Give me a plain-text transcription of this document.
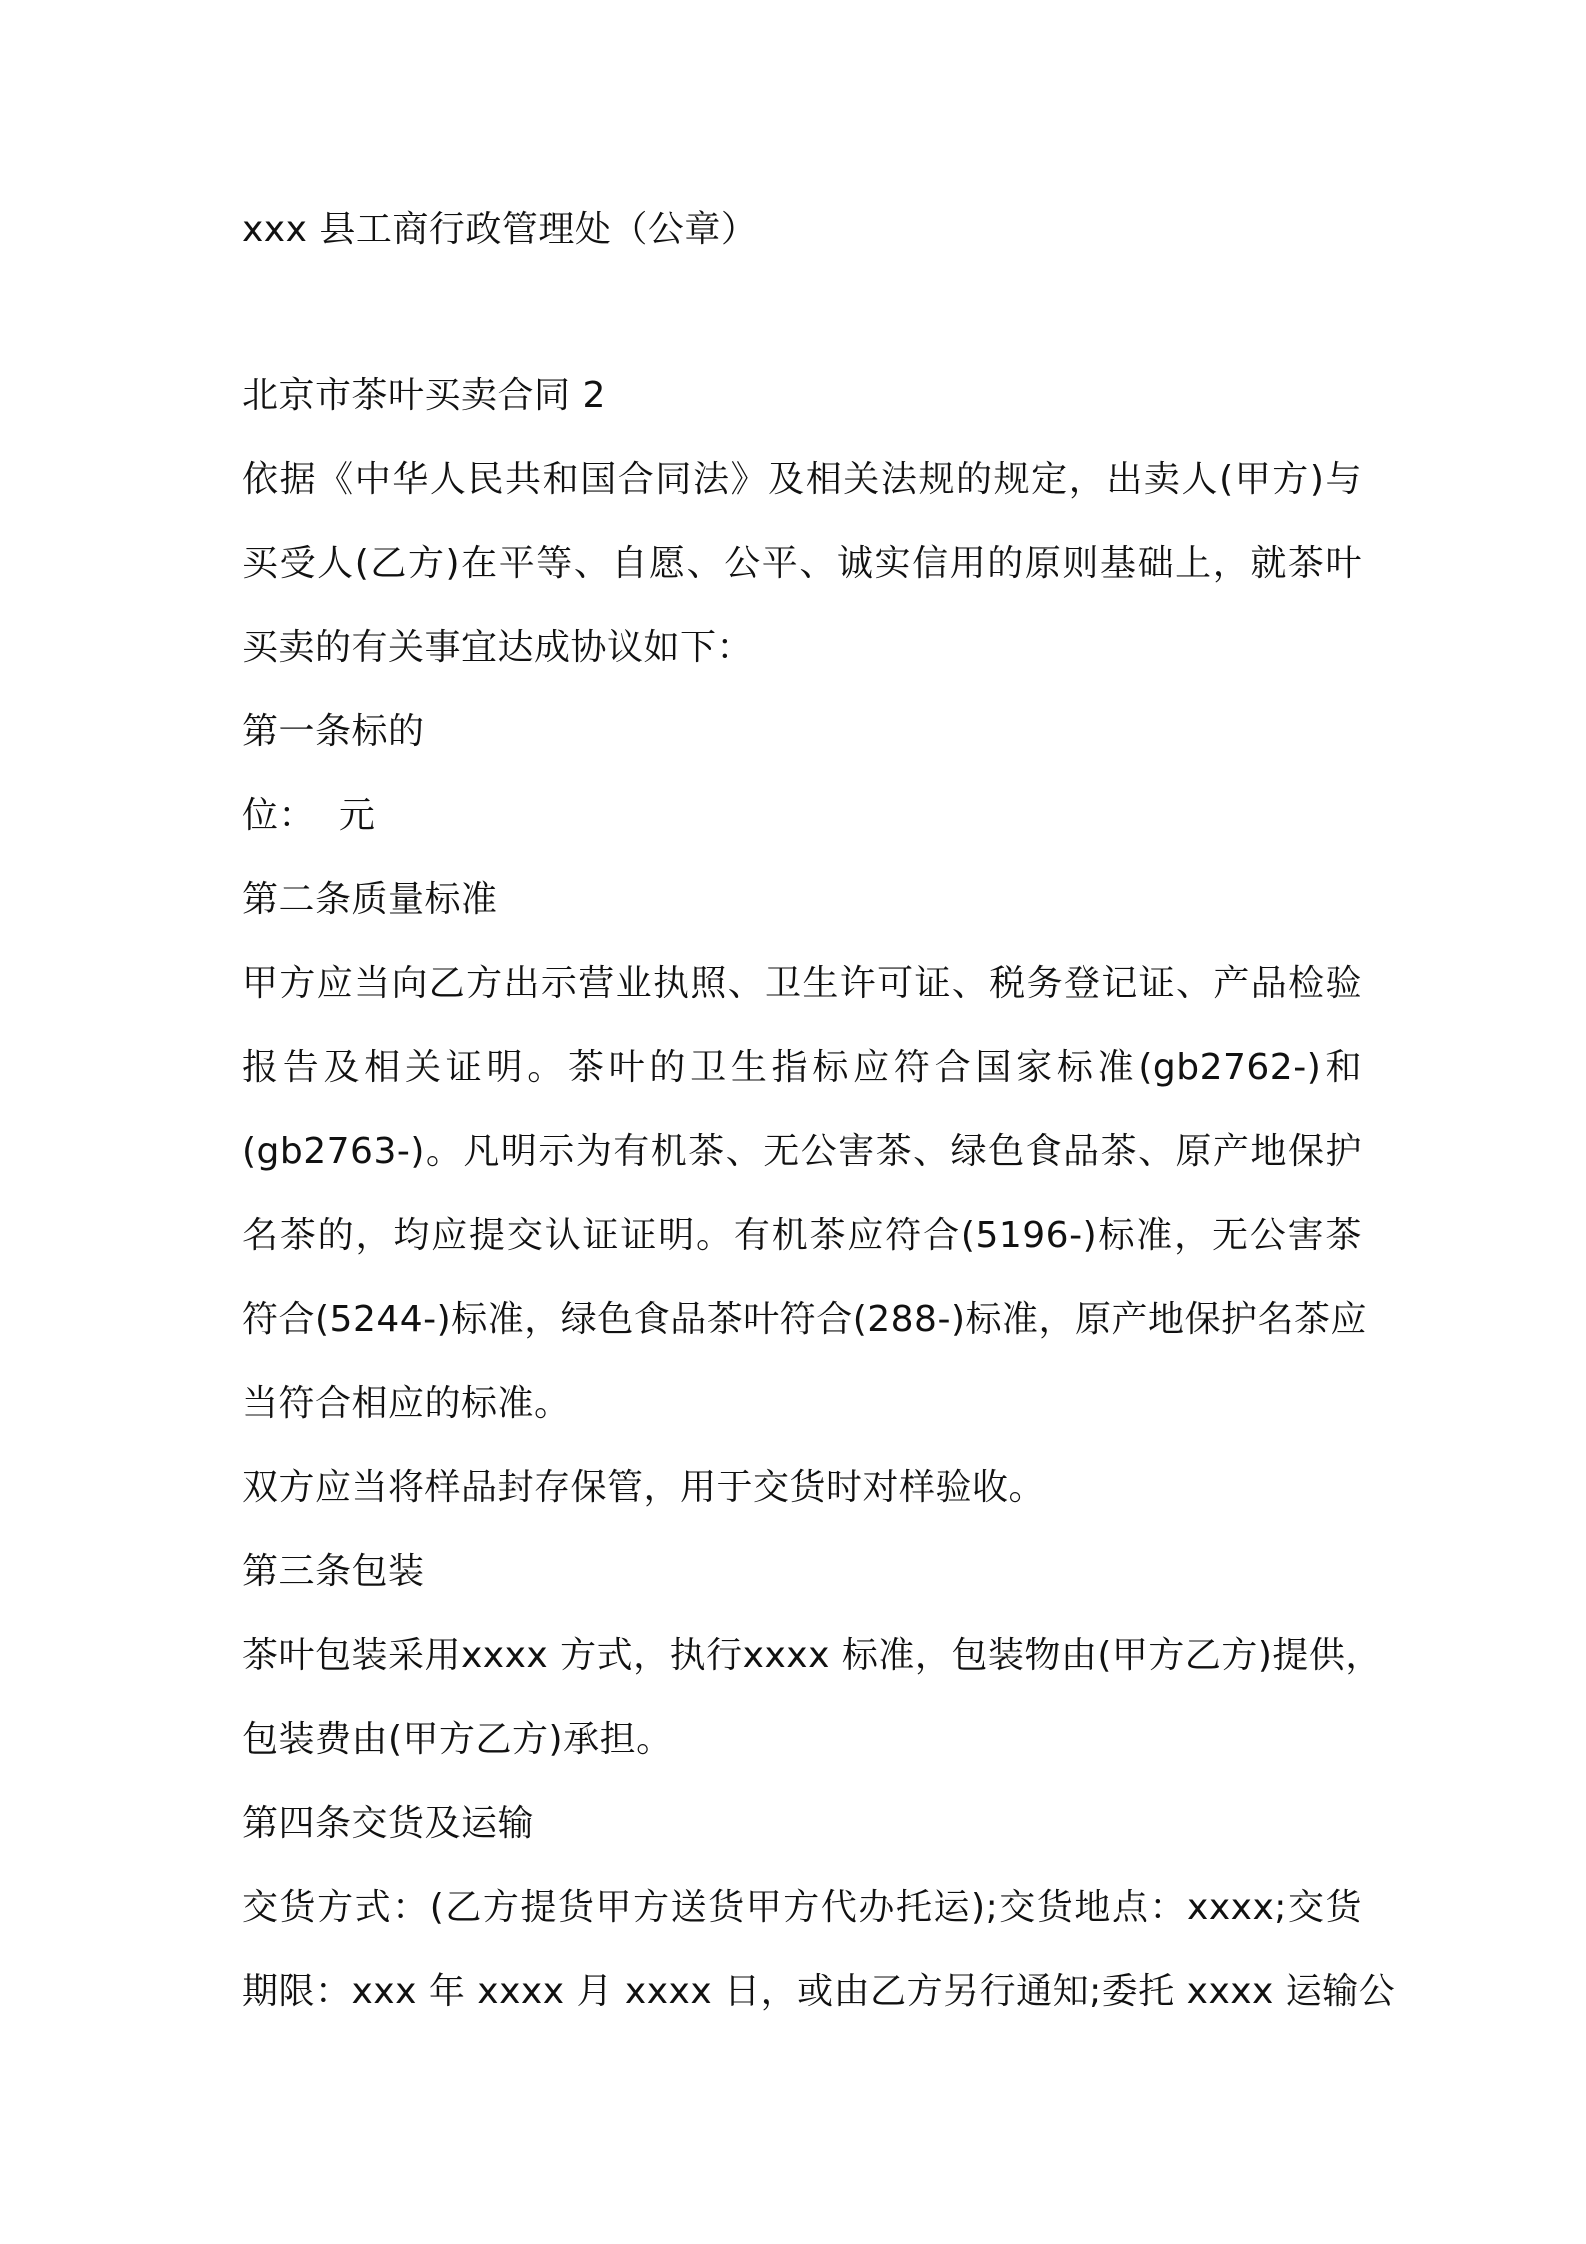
xxx 县工商行政管理处（公章）
北京市茶叶买卖合同 2
依据《中华人民共和国合同法》及相关法规的规定，出卖人(甲方)与
买受人(乙方)在平等、自愿、公平、诚实信用的原则基础上，就茶叶
买卖的有关事宜达成协议如下：
第一条标的
位：  元
第二条质量标准
甲方应当向乙方出示营业执照、卫生许可证、税务登记证、产品检验
报告及相关证明。茶叶的卫生指标应符合国家标准(gb2762-)和
(gb2763-)。凡明示为有机茶、无公害茶、绿色食品茶、原产地保护
名茶的，均应提交认证证明。有机茶应符合(5196-)标准，无公害茶
符合(5244-)标准，绿色食品茶叶符合(288-)标准，原产地保护名茶应
当符合相应的标准。
双方应当将样品封存保管，用于交货时对样验收。
第三条包装
茶叶包装采用xxxx 方式，执行xxxx 标准，包装物由(甲方乙方)提供，
包装费由(甲方乙方)承担。
第四条交货及运输
交货方式：(乙方提货甲方送货甲方代办托运);交货地点：xxxx;交货
期限：xxx 年 xxxx 月 xxxx 日，或由乙方另行通知;委托 xxxx 运输公
